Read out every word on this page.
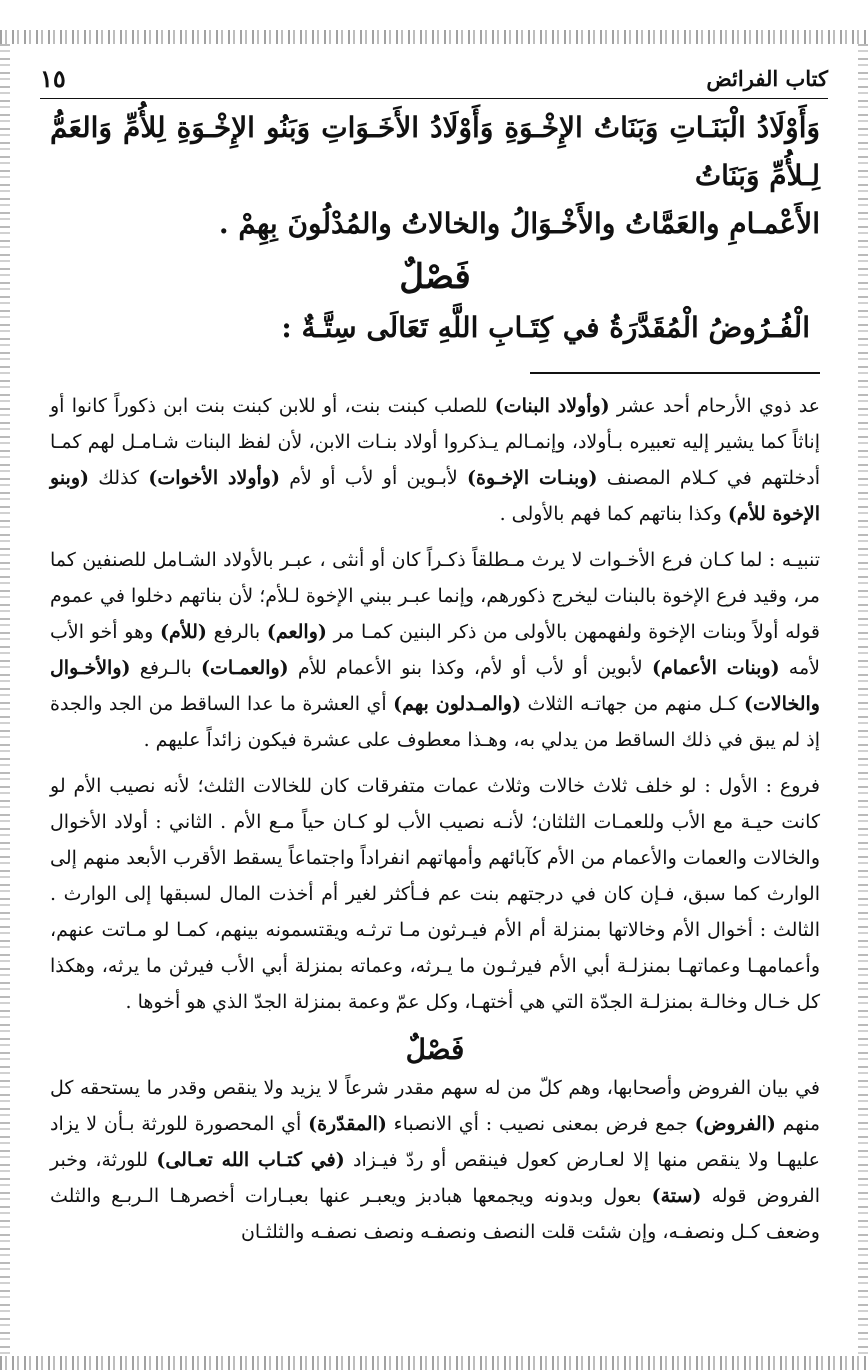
كتاب الفرائض
١٥

وَأَوْلَادُ الْبَنَـاتِ وَبَنَاتُ الإِخْـوَةِ وَأَوْلَادُ الأَخَـوَاتِ وَبَنُو الإِخْـوَةِ لِلأُمِّ وَالعَمُّ لِـلأُمِّ وَبَنَاتُ

الأَعْمـامِ والعَمَّاتُ والأَخْـوَالُ والخالاتُ والمُدْلُونَ بِهِمْ .

فَصْلٌ

الْفُـرُوضُ الْمُقَدَّرَةُ في كِتَـابِ اللَّهِ تَعَالَى سِتَّـةٌ :

عد ذوي الأرحام أحد عشر (وأولاد البنات) للصلب كبنت بنت، أو للابن كبنت بنت ابن ذكوراً كانوا أو إناثاً كما يشير إليه تعبيره بـأولاد، وإنمـالم يـذكروا أولاد بنـات الابن، لأن لفظ البنات شـامـل لهم كمـا أدخلتهم في كـلام المصنف (وبنـات الإخـوة) لأبـوين أو لأب أو لأم (وأولاد الأخوات) كذلك (وبنو الإخوة للأم) وكذا بناتهم كما فهم بالأولى .

تنبيـه : لما كـان فرع الأخـوات لا يرث مـطلقاً ذكـراً كان أو أنثى ، عبـر بالأولاد الشـامل للصنفين كما مر، وقيد فرع الإخوة بالبنات ليخرج ذكورهم، وإنما عبـر ببني الإخوة لـلأم؛ لأن بناتهم دخلوا في عموم قوله أولاً وبنات الإخوة ولفهمهن بالأولى من ذكر البنين كمـا مر (والعم) بالرفع (للأم) وهو أخو الأب لأمه (وبنات الأعمام) لأبوين أو لأب أو لأم، وكذا بنو الأعمام للأم (والعمـات) بالـرفع (والأخـوال والخالات) كـل منهم من جهاتـه الثلاث (والمـدلون بهم) أي العشرة ما عدا الساقط من الجد والجدة إذ لم يبق في ذلك الساقط من يدلي به، وهـذا معطوف على عشرة فيكون زائداً عليهم .

فروع : الأول : لو خلف ثلاث خالات وثلاث عمات متفرقات كان للخالات الثلث؛ لأنه نصيب الأم لو كانت حيـة مع الأب وللعمـات الثلثان؛ لأنـه نصيب الأب لو كـان حياً مـع الأم . الثاني : أولاد الأخوال والخالات والعمات والأعمام من الأم كآبائهم وأمهاتهم انفراداً واجتماعاً يسقط الأقرب الأبعد منهم إلى الوارث كما سبق، فـإن كان في درجتهم بنت عم فـأكثر لغير أم أخذت المال لسبقها إلى الوارث . الثالث : أخوال الأم وخالاتها بمنزلة أم الأم فيـرثون مـا ترثـه ويقتسمونه بينهم، كمـا لو مـاتت عنهم، وأعمامهـا وعماتهـا بمنزلـة أبي الأم فيرثـون ما يـرثه، وعماته بمنزلة أبي الأب فيرثن ما يرثه، وهكذا كل خـال وخالـة بمنزلـة الجدّة التي هي أختهـا، وكل عمّ وعمة بمنزلة الجدّ الذي هو أخوها .

فَصْلٌ

في بيان الفروض وأصحابها، وهم كلّ من له سهم مقدر شرعاً لا يزيد ولا ينقص وقدر ما يستحقه كل منهم (الفروض) جمع فرض بمعنى نصيب : أي الانصباء (المقدّرة) أي المحصورة للورثة بـأن لا يزاد عليهـا ولا ينقص منها إلا لعـارض كعول فينقص أو ردّ فيـزاد (في كتـاب الله تعـالى) للورثة، وخبر الفروض قوله (ستة) بعول وبدونه ويجمعها هبادبز ويعبـر عنها بعبـارات أخصرهـا الـربـع والثلث وضعف كـل ونصفـه، وإن شئت قلت النصف ونصفـه ونصف نصفـه والثلثـان
